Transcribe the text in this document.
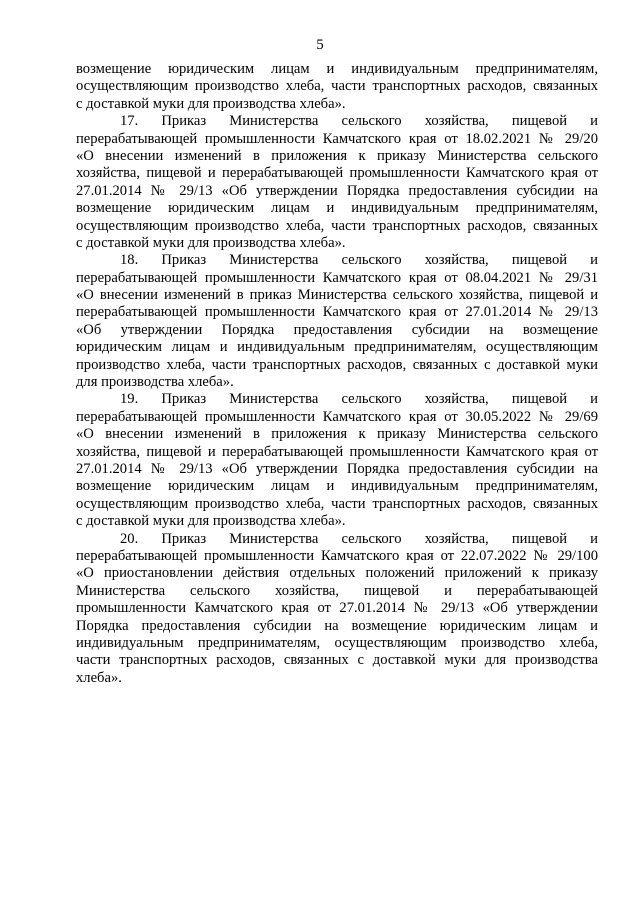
5
возмещение юридическим лицам и индивидуальным предпринимателям,
осуществляющим производство хлеба, части транспортных расходов, связанных
с доставкой муки для производства хлеба».
17. Приказ Министерства сельского хозяйства, пищевой и
перерабатывающей промышленности Камчатского края от 18.02.2021 № 29/20
«О внесении изменений в приложения к приказу Министерства сельского
хозяйства, пищевой и перерабатывающей промышленности Камчатского края от
27.01.2014 № 29/13 «Об утверждении Порядка предоставления субсидии на
возмещение юридическим лицам и индивидуальным предпринимателям,
осуществляющим производство хлеба, части транспортных расходов, связанных
с доставкой муки для производства хлеба».
18. Приказ Министерства сельского хозяйства, пищевой и
перерабатывающей промышленности Камчатского края от 08.04.2021 № 29/31
«О внесении изменений в приказ Министерства сельского хозяйства, пищевой и
перерабатывающей промышленности Камчатского края от 27.01.2014 № 29/13
«Об утверждении Порядка предоставления субсидии на возмещение
юридическим лицам и индивидуальным предпринимателям, осуществляющим
производство хлеба, части транспортных расходов, связанных с доставкой муки
для производства хлеба».
19. Приказ Министерства сельского хозяйства, пищевой и
перерабатывающей промышленности Камчатского края от 30.05.2022 № 29/69
«О внесении изменений в приложения к приказу Министерства сельского
хозяйства, пищевой и перерабатывающей промышленности Камчатского края от
27.01.2014 № 29/13 «Об утверждении Порядка предоставления субсидии на
возмещение юридическим лицам и индивидуальным предпринимателям,
осуществляющим производство хлеба, части транспортных расходов, связанных
с доставкой муки для производства хлеба».
20. Приказ Министерства сельского хозяйства, пищевой и
перерабатывающей промышленности Камчатского края от 22.07.2022 № 29/100
«О приостановлении действия отдельных положений приложений к приказу
Министерства сельского хозяйства, пищевой и перерабатывающей
промышленности Камчатского края от 27.01.2014 № 29/13 «Об утверждении
Порядка предоставления субсидии на возмещение юридическим лицам и
индивидуальным предпринимателям, осуществляющим производство хлеба,
части транспортных расходов, связанных с доставкой муки для производства
хлеба».
